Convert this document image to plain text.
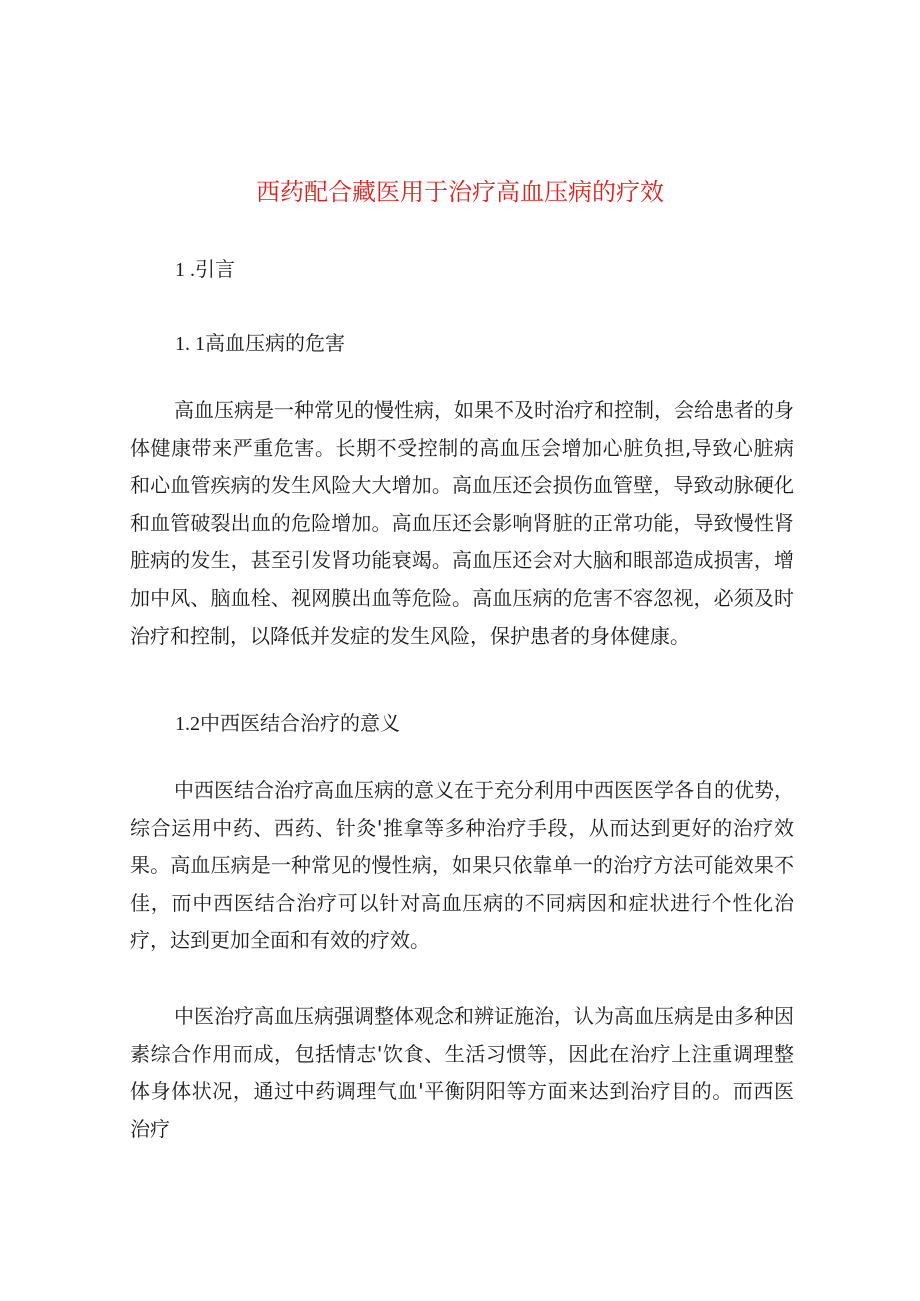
西药配合藏医用于治疗高血压病的疗效
1 .引言
1. 1高血压病的危害

高血压病是一种常见的慢性病，如果不及时治疗和控制，会给患者的身体健康带来严重危害。长期不受控制的高血压会增加心脏负担,导致心脏病和心血管疾病的发生风险大大增加。高血压还会损伤血管壁，导致动脉硬化和血管破裂出血的危险增加。高血压还会影响肾脏的正常功能，导致慢性肾脏病的发生，甚至引发肾功能衰竭。高血压还会对大脑和眼部造成损害，增加中风、脑血栓、视网膜出血等危险。高血压病的危害不容忽视，必须及时治疗和控制，以降低并发症的发生风险，保护患者的身体健康。

1.2中西医结合治疗的意义

中西医结合治疗高血压病的意义在于充分利用中西医医学各自的优势，综合运用中药、西药、针灸'推拿等多种治疗手段，从而达到更好的治疗效果。高血压病是一种常见的慢性病，如果只依靠单一的治疗方法可能效果不佳，而中西医结合治疗可以针对高血压病的不同病因和症状进行个性化治疗，达到更加全面和有效的疗效。

中医治疗高血压病强调整体观念和辨证施治，认为高血压病是由多种因素综合作用而成，包括情志'饮食、生活习惯等，因此在治疗上注重调理整体身体状况，通过中药调理气血'平衡阴阳等方面来达到治疗目的。而西医治疗
